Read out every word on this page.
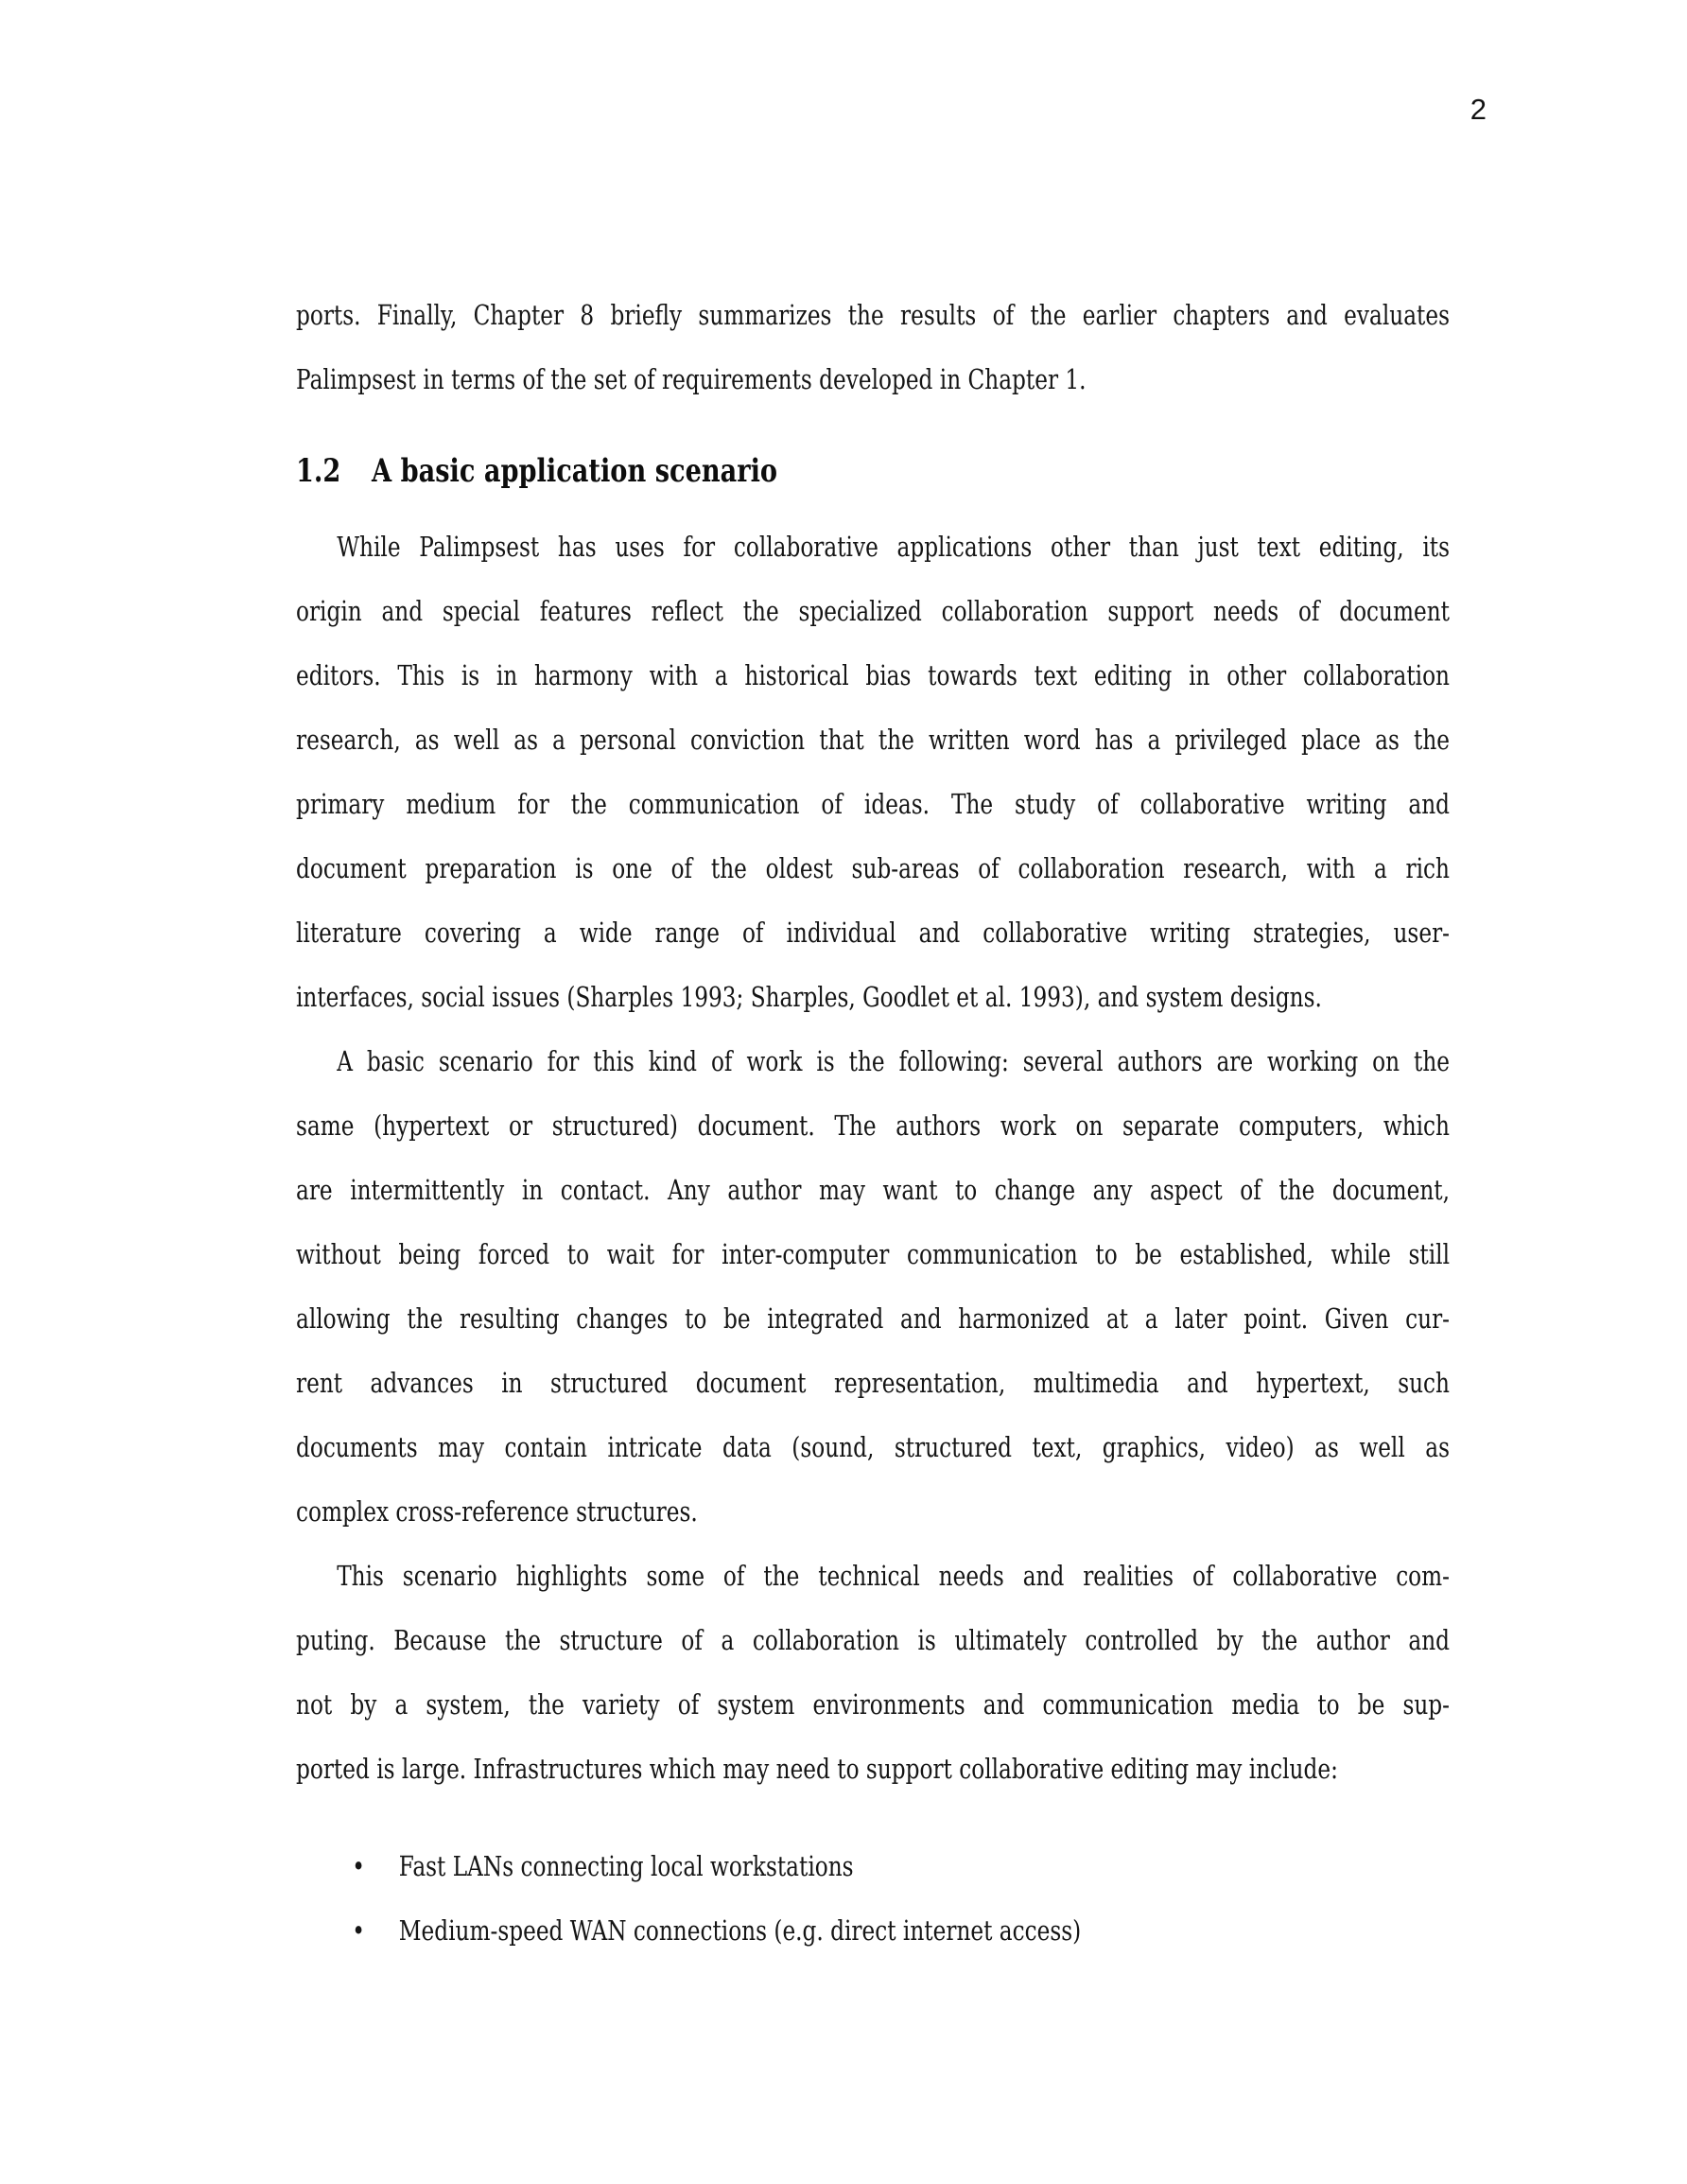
2
ports. Finally, Chapter 8 briefly summarizes the results of the earlier chapters and evaluates
Palimpsest in terms of the set of requirements developed in Chapter 1.
1.2 A basic application scenario
While Palimpsest has uses for collaborative applications other than just text editing, its
origin and special features reflect the specialized collaboration support needs of document
editors. This is in harmony with a historical bias towards text editing in other collaboration
research, as well as a personal conviction that the written word has a privileged place as the
primary medium for the communication of ideas. The study of collaborative writing and
document preparation is one of the oldest sub-areas of collaboration research, with a rich
literature covering a wide range of individual and collaborative writing strategies, user-
interfaces, social issues (Sharples 1993; Sharples, Goodlet et al. 1993), and system designs.
A basic scenario for this kind of work is the following: several authors are working on the
same (hypertext or structured) document. The authors work on separate computers, which
are intermittently in contact. Any author may want to change any aspect of the document,
without being forced to wait for inter-computer communication to be established, while still
allowing the resulting changes to be integrated and harmonized at a later point. Given cur-
rent advances in structured document representation, multimedia and hypertext, such
documents may contain intricate data (sound, structured text, graphics, video) as well as
complex cross-reference structures.
This scenario highlights some of the technical needs and realities of collaborative com-
puting. Because the structure of a collaboration is ultimately controlled by the author and
not by a system, the variety of system environments and communication media to be sup-
ported is large. Infrastructures which may need to support collaborative editing may include:
• Fast LANs connecting local workstations
• Medium-speed WAN connections (e.g. direct internet access)
